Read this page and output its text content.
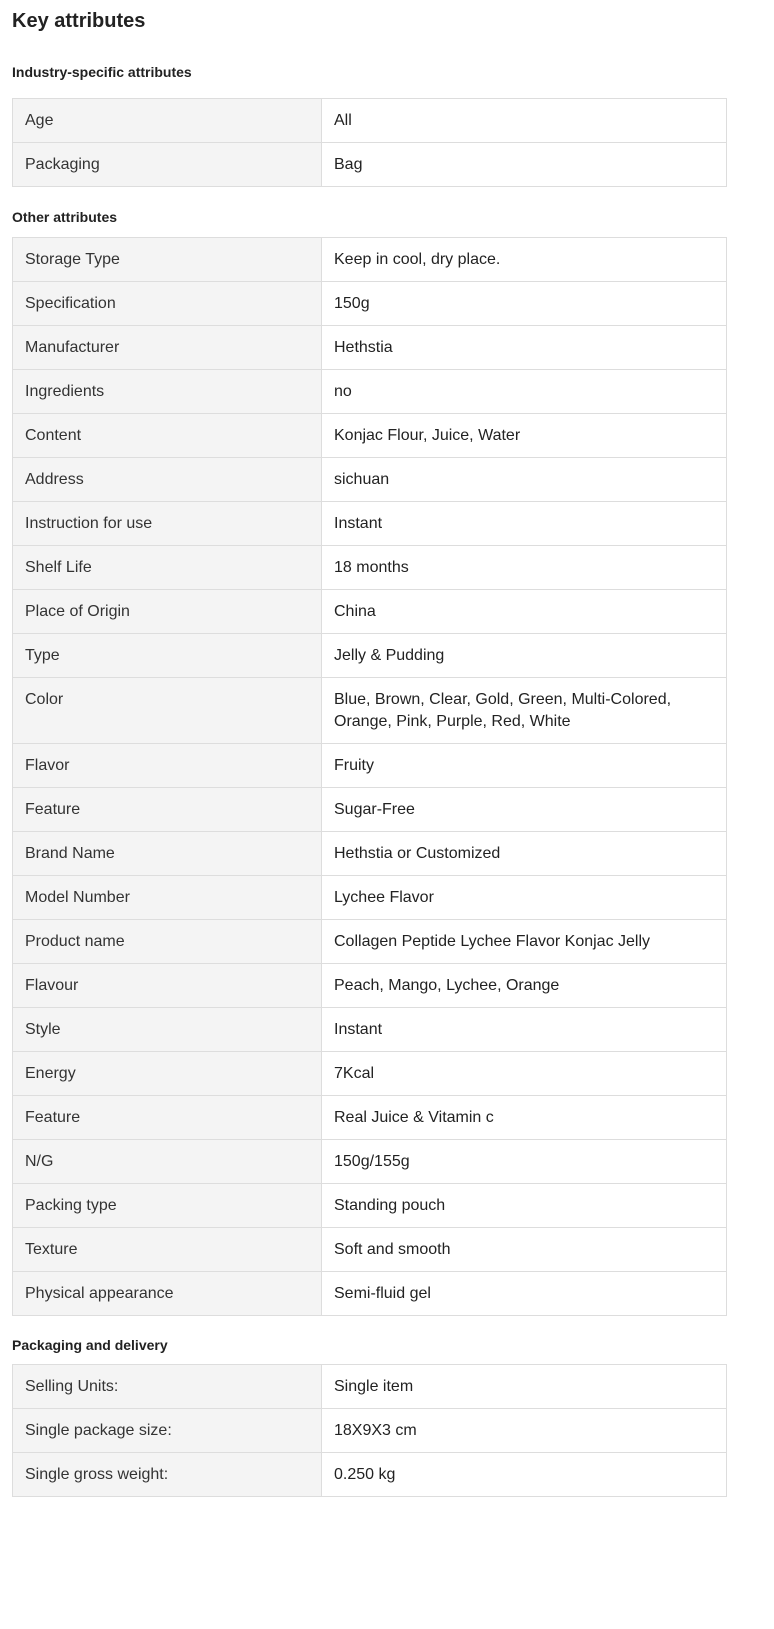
Key attributes
Industry-specific attributes
Age	All
Packaging	Bag
Other attributes
Storage Type	Keep in cool, dry place.
Specification	150g
Manufacturer	Hethstia
Ingredients	no
Content	Konjac Flour, Juice, Water
Address	sichuan
Instruction for use	Instant
Shelf Life	18 months
Place of Origin	China
Type	Jelly & Pudding
Color	Blue, Brown, Clear, Gold, Green, Multi-Colored, Orange, Pink, Purple, Red, White
Flavor	Fruity
Feature	Sugar-Free
Brand Name	Hethstia or Customized
Model Number	Lychee Flavor
Product name	Collagen Peptide Lychee Flavor Konjac Jelly
Flavour	Peach, Mango, Lychee, Orange
Style	Instant
Energy	7Kcal
Feature	Real Juice & Vitamin c
N/G	150g/155g
Packing type	Standing pouch
Texture	Soft and smooth
Physical appearance	Semi-fluid gel
Packaging and delivery
Selling Units:	Single item
Single package size:	18X9X3 cm
Single gross weight:	0.250 kg
